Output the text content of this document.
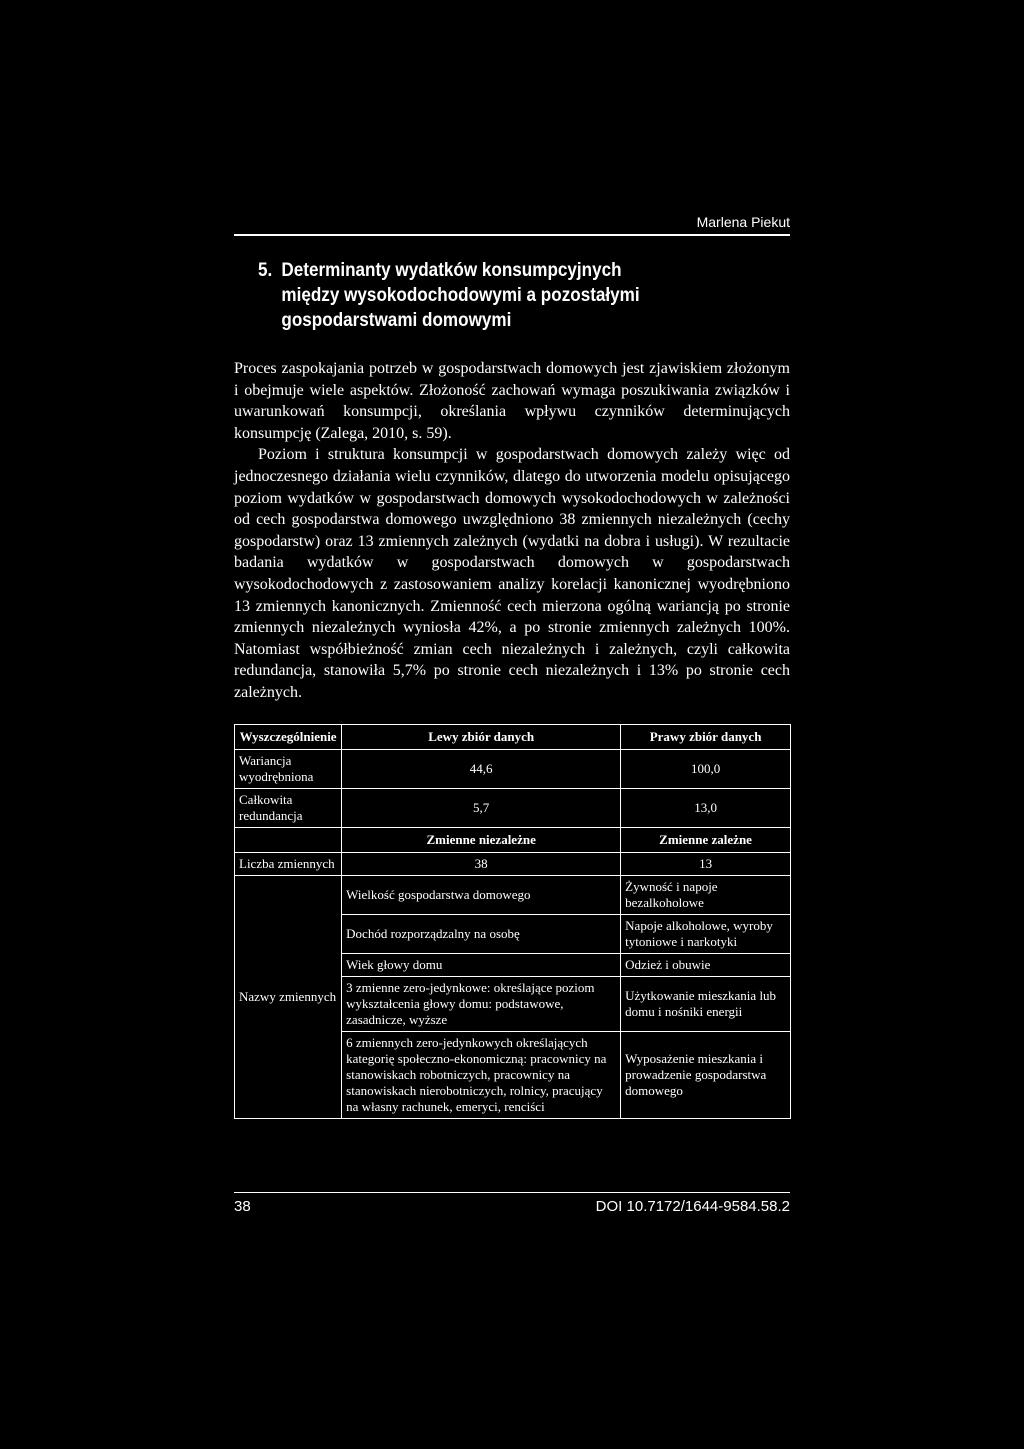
Marlena Piekut
5. Determinanty wydatków konsumpcyjnych
między wysokodochodowymi a pozostałymi
gospodarstwami domowymi

Proces zaspokajania potrzeb w gospodarstwach domowych jest zjawiskiem złożonym i obejmuje wiele aspektów. Złożoność zachowań wymaga poszukiwania związków i uwarunkowań konsumpcji, określania wpływu czynników determinujących konsumpcję (Zalega, 2010, s. 59).

Poziom i struktura konsumpcji w gospodarstwach domowych zależy więc od jednoczesnego działania wielu czynników, dlatego do utworzenia modelu opisującego poziom wydatków w gospodarstwach domowych wysokodochodowych w zależności od cech gospodarstwa domowego uwzględniono 38 zmiennych niezależnych (cechy gospodarstw) oraz 13 zmiennych zależnych (wydatki na dobra i usługi). W rezultacie badania wydatków w gospodarstwach domowych w gospodarstwach wysokodochodowych z zastosowaniem analizy korelacji kanonicznej wyodrębniono 13 zmiennych kanonicznych. Zmienność cech mierzona ogólną wariancją po stronie zmiennych niezależnych wyniosła 42%, a po stronie zmiennych zależnych 100%. Natomiast współbieżność zmian cech niezależnych i zależnych, czyli całkowita redundancja, stanowiła 5,7% po stronie cech niezależnych i 13% po stronie cech zależnych.

Wyszczególnienie	Lewy zbiór danych	Prawy zbiór danych
Wariancja wyodrębniona	44,6	100,0
Całkowita redundancja	5,7	13,0
	Zmienne niezależne	Zmienne zależne
Liczba zmiennych	38	13
Nazwy zmiennych	Wielkość gospodarstwa domowego	Żywność i napoje bezalkoholowe
	Dochód rozporządzalny na osobę	Napoje alkoholowe, wyroby tytoniowe i narkotyki
	Wiek głowy domu	Odzież i obuwie
	3 zmienne zero-jedynkowe: określające poziom wykształcenia głowy domu: podstawowe, zasadnicze, wyższe	Użytkowanie mieszkania lub domu i nośniki energii
	6 zmiennych zero-jedynkowych określających kategorię społeczno-ekonomiczną: pracownicy na stanowiskach robotniczych, pracownicy na stanowiskach nierobotniczych, rolnicy, pracujący na własny rachunek, emeryci, renciści	Wyposażenie mieszkania i prowadzenie gospodarstwa domowego
38	DOI 10.7172/1644-9584.58.2
